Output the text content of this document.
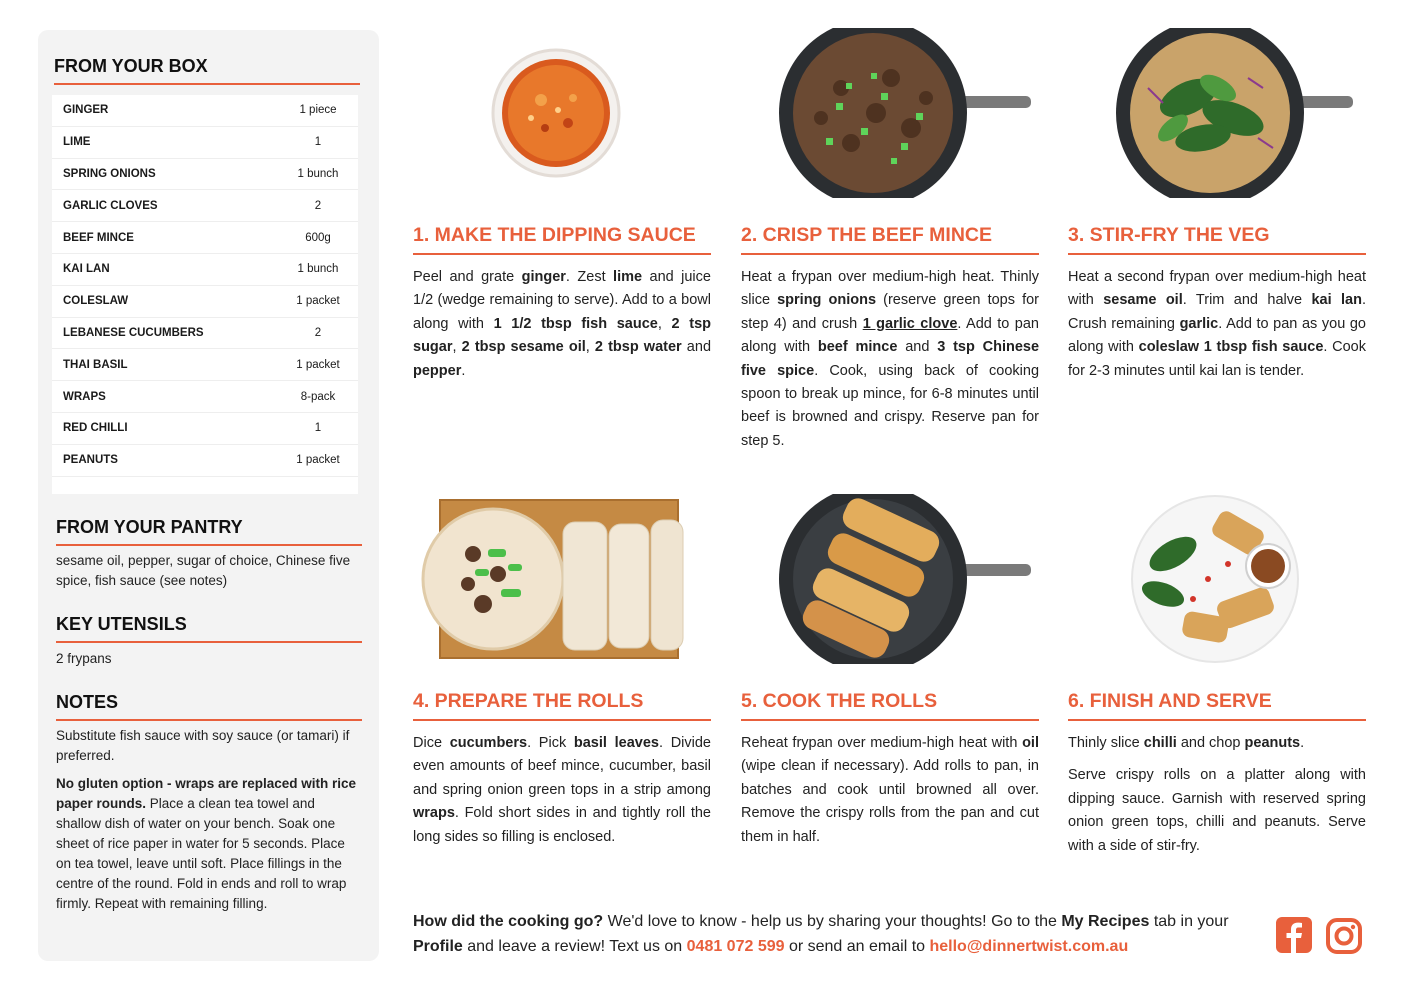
FROM YOUR BOX
GINGER	1 piece
LIME	1
SPRING ONIONS	1 bunch
GARLIC CLOVES	2
BEEF MINCE	600g
KAI LAN	1 bunch
COLESLAW	1 packet
LEBANESE CUCUMBERS	2
THAI BASIL	1 packet
WRAPS	8-pack
RED CHILLI	1
PEANUTS	1 packet
FROM YOUR PANTRY
sesame oil, pepper, sugar of choice, Chinese five spice, fish sauce (see notes)
KEY UTENSILS
2 frypans
NOTES
Substitute fish sauce with soy sauce (or tamari) if preferred.
No gluten option - wraps are replaced with rice paper rounds. Place a clean tea towel and shallow dish of water on your bench. Soak one sheet of rice paper in water for 5 seconds. Place on tea towel, leave until soft. Place fillings in the centre of the round. Fold in ends and roll to wrap firmly. Repeat with remaining filling.
1. MAKE THE DIPPING SAUCE	2. CRISP THE BEEF MINCE	3. STIR-FRY THE VEG
4. PREPARE THE ROLLS	5. COOK THE ROLLS	6. FINISH AND SERVE
Peel and grate ginger. Zest lime and juice 1/2 (wedge remaining to serve). Add to a bowl along with 1 1/2 tbsp fish sauce, 2 tsp sugar, 2 tbsp sesame oil, 2 tbsp water and pepper.
Heat a frypan over medium-high heat. Thinly slice spring onions (reserve green tops for step 4) and crush 1 garlic clove. Add to pan along with beef mince and 3 tsp Chinese five spice. Cook, using back of cooking spoon to break up mince, for 6-8 minutes until beef is browned and crispy. Reserve pan for step 5.
Heat a second frypan over medium-high heat with sesame oil. Trim and halve kai lan. Crush remaining garlic. Add to pan as you go along with coleslaw 1 tbsp fish sauce. Cook for 2-3 minutes until kai lan is tender.
Dice cucumbers. Pick basil leaves. Divide even amounts of beef mince, cucumber, basil and spring onion green tops in a strip among wraps. Fold short sides in and tightly roll the long sides so filling is enclosed.
Reheat frypan over medium-high heat with oil (wipe clean if necessary). Add rolls to pan, in batches and cook until browned all over. Remove the crispy rolls from the pan and cut them in half.

Thinly slice chilli and chop peanuts.

Serve crispy rolls on a platter along with dipping sauce. Garnish with reserved spring onion green tops, chilli and peanuts. Serve with a side of stir-fry.

How did the cooking go? We'd love to know - help us by sharing your thoughts! Go to the My Recipes tab in your Profile and leave a review! Text us on 0481 072 599 or send an email to hello@dinnertwist.com.au
